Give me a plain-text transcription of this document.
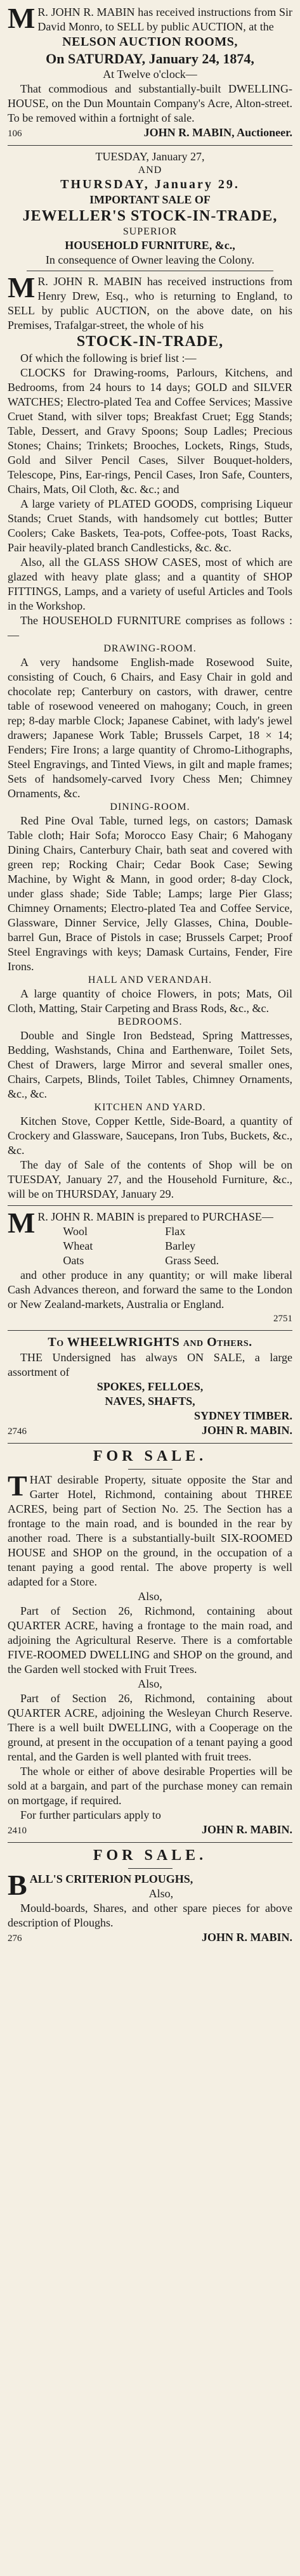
M R. JOHN R. MABIN has received instructions from Sir David Monro, to SELL by public AUCTION, at the

NELSON AUCTION ROOMS,

On SATURDAY, January 24, 1874,

At Twelve o'clock—

That commodious and substantially-built DWELLING-HOUSE, on the Dun Mountain Company's Acre, Alton-street. To be removed within a fortnight of sale.

106	JOHN R. MABIN, Auctioneer.

TUESDAY, January 27,

AND

THURSDAY, January 29.

IMPORTANT SALE OF

JEWELLER'S STOCK-IN-TRADE,

SUPERIOR

HOUSEHOLD FURNITURE, &c.,

In consequence of Owner leaving the Colony.

M R. JOHN R. MABIN has received instructions from Henry Drew, Esq., who is returning to England, to SELL by public AUCTION, on the above date, on his Premises, Trafalgar-street, the whole of his

STOCK-IN-TRADE,

Of which the following is brief list :—

CLOCKS for Drawing-rooms, Parlours, Kitchens, and Bedrooms, from 24 hours to 14 days; GOLD and SILVER WATCHES; Electro-plated Tea and Coffee Services; Massive Cruet Stand, with silver tops; Breakfast Cruet; Egg Stands; Table, Dessert, and Gravy Spoons; Soup Ladles; Precious Stones; Chains; Trinkets; Brooches, Lockets, Rings, Studs, Gold and Silver Pencil Cases, Silver Bouquet-holders, Telescope, Pins, Ear-rings, Pencil Cases, Iron Safe, Counters, Chairs, Mats, Oil Cloth, &c. &c.; and

A large variety of PLATED GOODS, comprising Liqueur Stands; Cruet Stands, with handsomely cut bottles; Butter Coolers; Cake Baskets, Tea-pots, Coffee-pots, Toast Racks, Pair heavily-plated branch Candlesticks, &c. &c.

Also, all the GLASS SHOW CASES, most of which are glazed with heavy plate glass; and a quantity of SHOP FITTINGS, Lamps, and a variety of useful Articles and Tools in the Workshop.

The HOUSEHOLD FURNITURE comprises as follows :—

DRAWING-ROOM.

A very handsome English-made Rosewood Suite, consisting of Couch, 6 Chairs, and Easy Chair in gold and chocolate rep; Canterbury on castors, with drawer, centre table of rosewood veneered on mahogany; Couch, in green rep; 8-day marble Clock; Japanese Cabinet, with lady's jewel drawers; Japanese Work Table; Brussels Carpet, 18 × 14; Fenders; Fire Irons; a large quantity of Chromo-Lithographs, Steel Engravings, and Tinted Views, in gilt and maple frames; Sets of handsomely-carved Ivory Chess Men; Chimney Ornaments, &c.

DINING-ROOM.

Red Pine Oval Table, turned legs, on castors; Damask Table cloth; Hair Sofa; Morocco Easy Chair; 6 Mahogany Dining Chairs, Canterbury Chair, bath seat and covered with green rep; Rocking Chair; Cedar Book Case; Sewing Machine, by Wight & Mann, in good order; 8-day Clock, under glass shade; Side Table; Lamps; large Pier Glass; Chimney Ornaments; Electro-plated Tea and Coffee Service, Glassware, Dinner Service, Jelly Glasses, China, Double-barrel Gun, Brace of Pistols in case; Brussels Carpet; Proof Steel Engravings with keys; Damask Curtains, Fender, Fire Irons.

HALL AND VERANDAH.

A large quantity of choice Flowers, in pots; Mats, Oil Cloth, Matting, Stair Carpeting and Brass Rods, &c., &c.

BEDROOMS.

Double and Single Iron Bedstead, Spring Mattresses, Bedding, Washstands, China and Earthenware, Toilet Sets, Chest of Drawers, large Mirror and several smaller ones, Chairs, Carpets, Blinds, Toilet Tables, Chimney Ornaments, &c., &c.

KITCHEN AND YARD.

Kitchen Stove, Copper Kettle, Side-Board, a quantity of Crockery and Glassware, Saucepans, Iron Tubs, Buckets, &c., &c.

The day of Sale of the contents of Shop will be on TUESDAY, January 27, and the Household Furniture, &c., will be on THURSDAY, January 29.

M R. JOHN R. MABIN is prepared to PURCHASE—

Wool	Flax
Wheat	Barley
Oats	Grass Seed.

and other produce in any quantity; or will make liberal Cash Advances thereon, and forward the same to the London or New Zealand-markets, Australia or England.

2751

To WHEELWRIGHTS and Others.

THE Undersigned has always ON SALE, a large assortment of

SPOKES, FELLOES,

NAVES, SHAFTS,

SYDNEY TIMBER.

2746	JOHN R. MABIN.

FOR SALE.

THAT desirable Property, situate opposite the Star and Garter Hotel, Richmond, containing about THREE ACRES, being part of Section No. 25. The Section has a frontage to the main road, and is bounded in the rear by another road. There is a substantially-built SIX-ROOMED HOUSE and SHOP on the ground, in the occupation of a tenant paying a good rental. The above property is well adapted for a Store.

Also,

Part of Section 26, Richmond, containing about QUARTER ACRE, having a frontage to the main road, and adjoining the Agricultural Reserve. There is a comfortable FIVE-ROOMED DWELLING and SHOP on the ground, and the Garden well stocked with Fruit Trees.

Also,

Part of Section 26, Richmond, containing about QUARTER ACRE, adjoining the Wesleyan Church Reserve. There is a well built DWELLING, with a Cooperage on the ground, at present in the occupation of a tenant paying a good rental, and the Garden is well planted with fruit trees.

The whole or either of above desirable Properties will be sold at a bargain, and part of the purchase money can remain on mortgage, if required.

For further particulars apply to

2410	JOHN R. MABIN.

FOR SALE.

BALL'S CRITERION PLOUGHS,

Also,

Mould-boards, Shares, and other spare pieces for above description of Ploughs.

276	JOHN R. MABIN.
